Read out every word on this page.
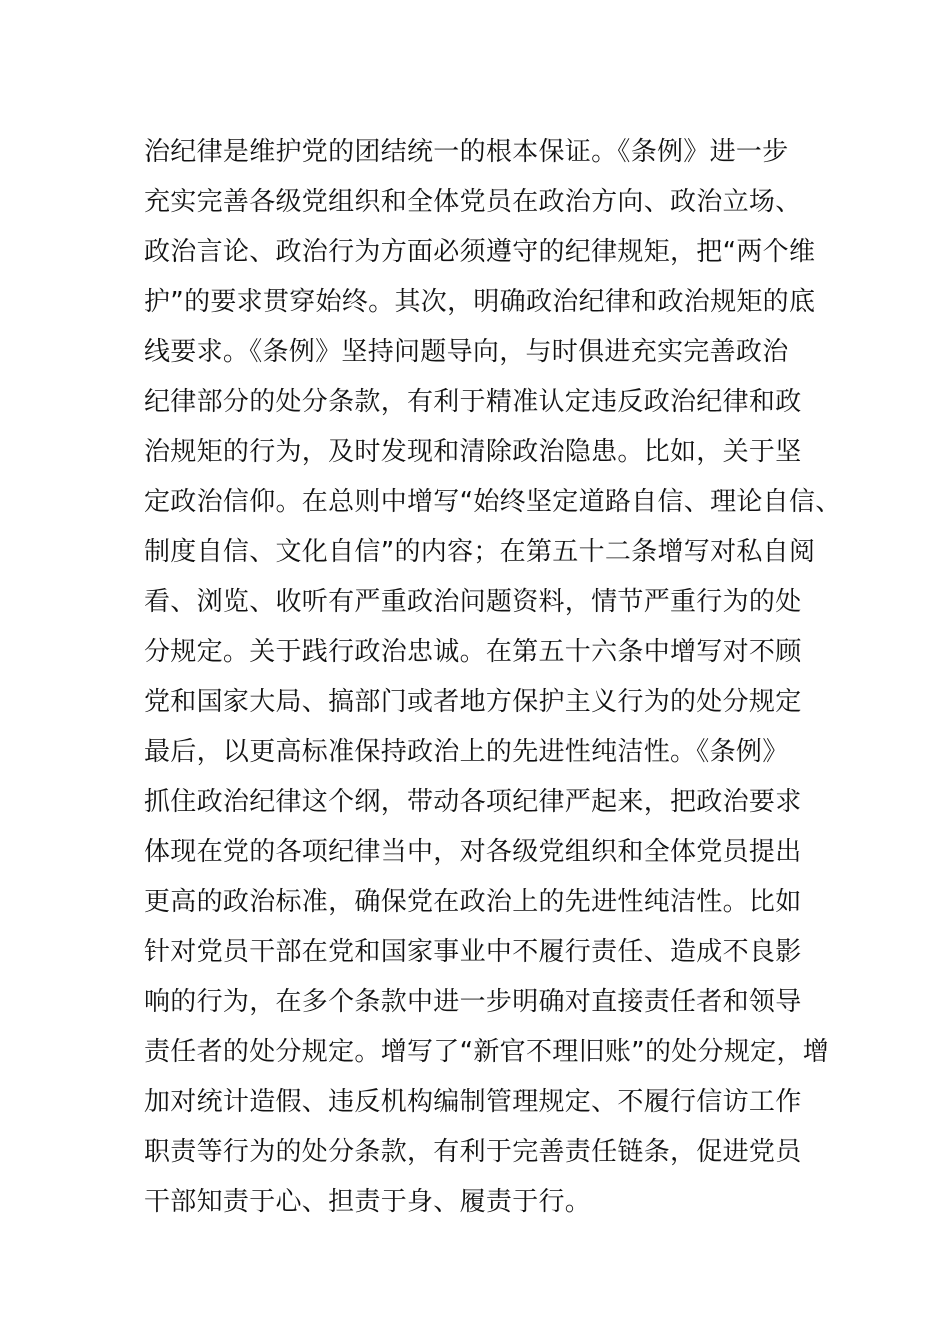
治纪律是维护党的团结统一的根本保证。《条例》进一步
充实完善各级党组织和全体党员在政治方向、政治立场、
政治言论、政治行为方面必须遵守的纪律规矩，把“两个维
护”的要求贯穿始终。其次，明确政治纪律和政治规矩的底
线要求。《条例》坚持问题导向，与时俱进充实完善政治
纪律部分的处分条款，有利于精准认定违反政治纪律和政
治规矩的行为，及时发现和清除政治隐患。比如，关于坚
定政治信仰。在总则中增写“始终坚定道路自信、理论自信、
制度自信、文化自信”的内容；在第五十二条增写对私自阅
看、浏览、收听有严重政治问题资料，情节严重行为的处
分规定。关于践行政治忠诚。在第五十六条中增写对不顾
党和国家大局、搞部门或者地方保护主义行为的处分规定
最后，以更高标准保持政治上的先进性纯洁性。《条例》
抓住政治纪律这个纲，带动各项纪律严起来，把政治要求
体现在党的各项纪律当中，对各级党组织和全体党员提出
更高的政治标准，确保党在政治上的先进性纯洁性。比如
针对党员干部在党和国家事业中不履行责任、造成不良影
响的行为，在多个条款中进一步明确对直接责任者和领导
责任者的处分规定。增写了“新官不理旧账”的处分规定，增
加对统计造假、违反机构编制管理规定、不履行信访工作
职责等行为的处分条款，有利于完善责任链条，促进党员
干部知责于心、担责于身、履责于行。
